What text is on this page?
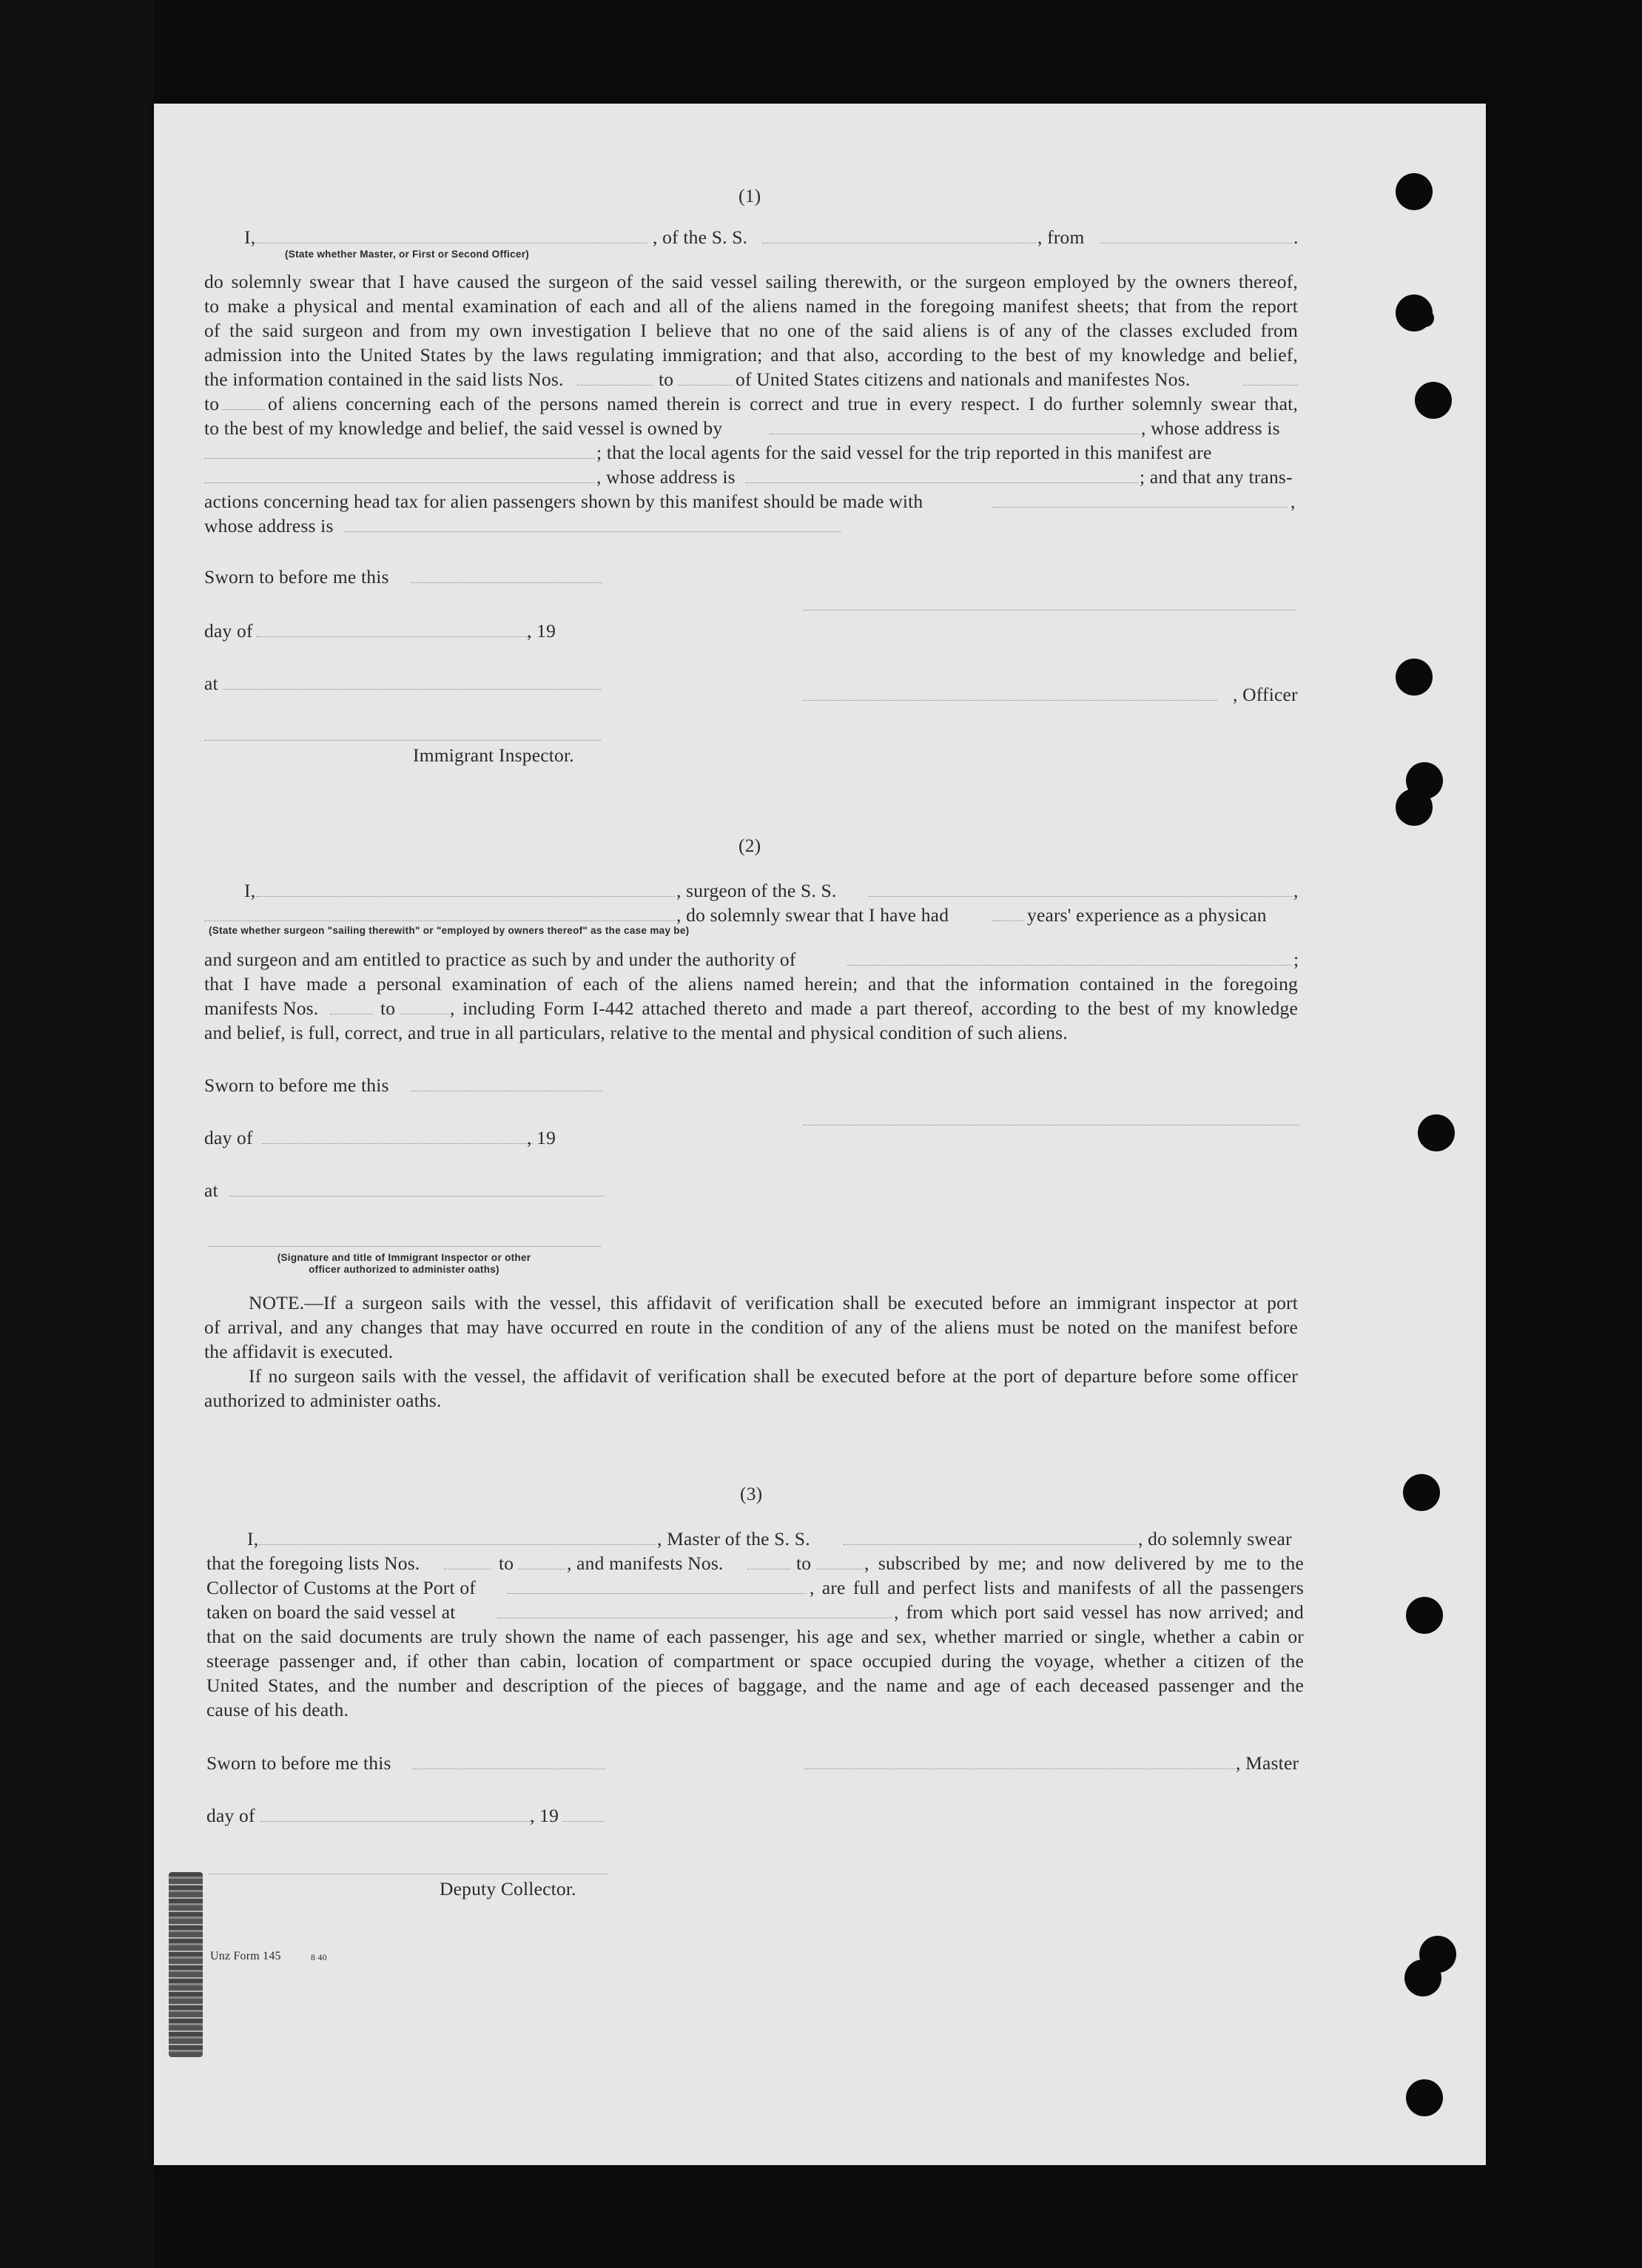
(1)
I,	, of the S. S.	, from	.
(State whether Master, or First or Second Officer)
do solemnly swear that I have caused the surgeon of the said vessel sailing therewith, or the surgeon employed by the owners thereof,
to make a physical and mental examination of each and all of the aliens named in the foregoing manifest sheets; that from the report
of the said surgeon and from my own investigation I believe that no one of the said aliens is of any of the classes excluded from
admission into the United States by the laws regulating immigration; and that also, according to the best of my knowledge and belief,
the information contained in the said lists Nos.	to	of United States citizens and nationals and manifestes Nos.
to	of aliens concerning each of the persons named therein is correct and true in every respect. I do further solemnly swear that,
to the best of my knowledge and belief, the said vessel is owned by	, whose address is
; that the local agents for the said vessel for the trip reported in this manifest are
, whose address is	; and that any trans-
actions concerning head tax for alien passengers shown by this manifest should be made with	,
whose address is
Sworn to before me this
day of	, 19
at
, Officer
Immigrant Inspector.
(2)
I,	, surgeon of the S. S.	,
, do solemnly swear that I have had	years' experience as a physican
(State whether surgeon "sailing therewith" or "employed by owners thereof" as the case may be)
and surgeon and am entitled to practice as such by and under the authority of	;
that I have made a personal examination of each of the aliens named herein; and that the information contained in the foregoing
manifests Nos.	to	, including Form I-442 attached thereto and made a part thereof, according to the best of my knowledge
and belief, is full, correct, and true in all particulars, relative to the mental and physical condition of such aliens.
Sworn to before me this
day of	, 19
at
(Signature and title of Immigrant Inspector or other
officer authorized to administer oaths)
NOTE.—If a surgeon sails with the vessel, this affidavit of verification shall be executed before an immigrant inspector at port
of arrival, and any changes that may have occurred en route in the condition of any of the aliens must be noted on the manifest before
the affidavit is executed.
If no surgeon sails with the vessel, the affidavit of verification shall be executed before at the port of departure before some officer
authorized to administer oaths.
(3)
I,	, Master of the S. S.	, do solemnly swear
that the foregoing lists Nos.	to	, and manifests Nos.	to	, subscribed by me; and now delivered by me to the
Collector of Customs at the Port of	, are full and perfect lists and manifests of all the passengers
taken on board the said vessel at	, from which port said vessel has now arrived; and
that on the said documents are truly shown the name of each passenger, his age and sex, whether married or single, whether a cabin or
steerage passenger and, if other than cabin, location of compartment or space occupied during the voyage, whether a citizen of the
United States, and the number and description of the pieces of baggage, and the name and age of each deceased passenger and the
cause of his death.
Sworn to before me this	, Master
day of	, 19
Deputy Collector.
Unz Form 145	8 40
